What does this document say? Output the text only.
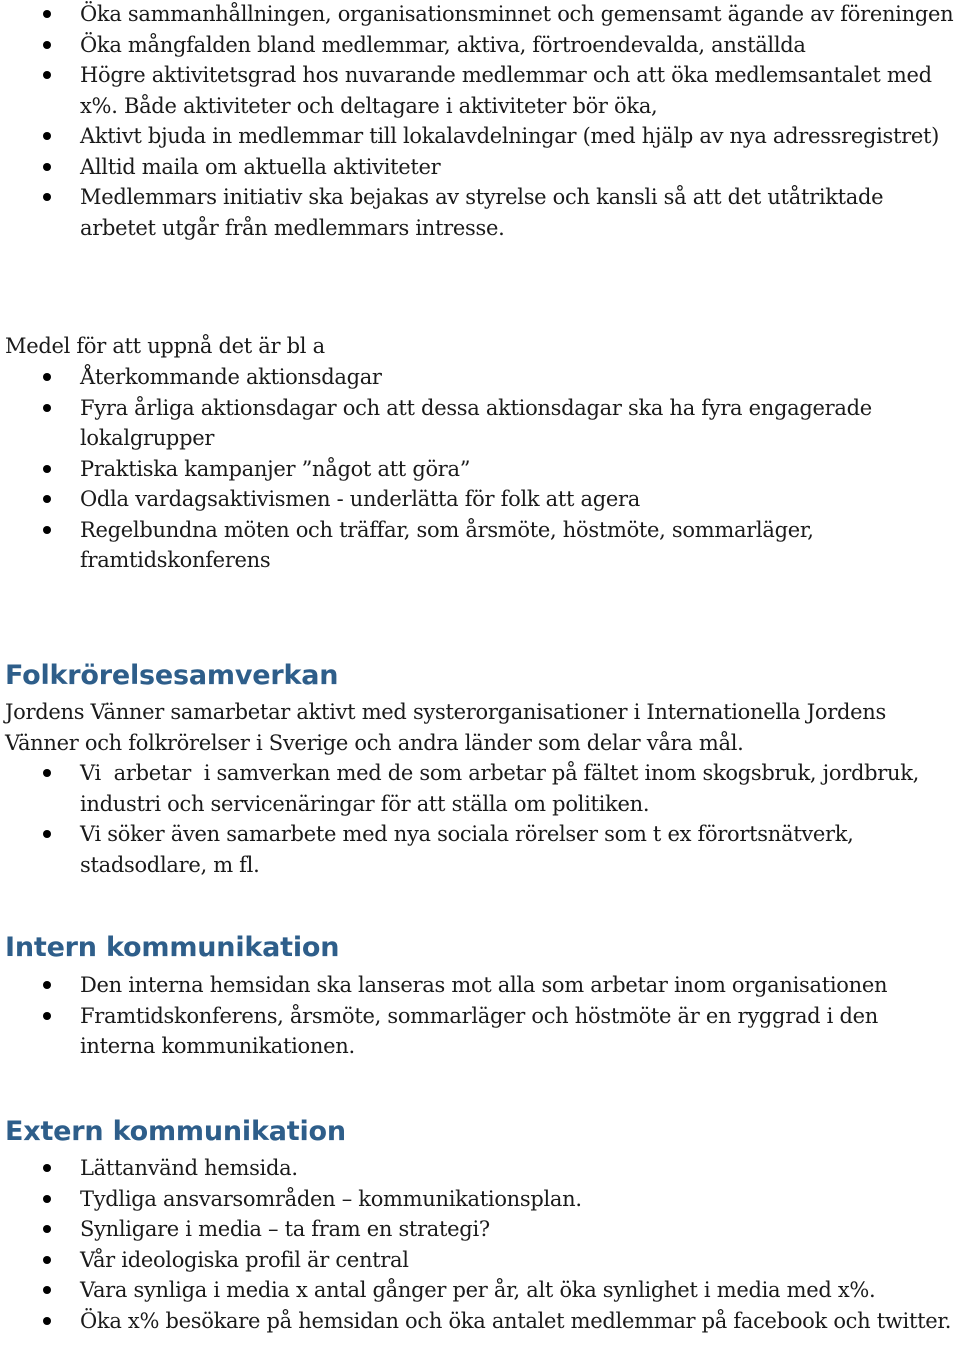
Öka sammanhållningen, organisationsminnet och gemensamt ägande av föreningen
Öka mångfalden bland medlemmar, aktiva, förtroendevalda, anställda
Högre aktivitetsgrad hos nuvarande medlemmar och att öka medlemsantalet med x%. Både aktiviteter och deltagare i aktiviteter bör öka,
Aktivt bjuda in medlemmar till lokalavdelningar (med hjälp av nya adressregistret)
Alltid maila om aktuella aktiviteter
Medlemmars initiativ ska bejakas av styrelse och kansli så att det utåtriktade arbetet utgår från medlemmars intresse.

Medel för att uppnå det är bl a

Återkommande aktionsdagar
Fyra årliga aktionsdagar och att dessa aktionsdagar ska ha fyra engagerade lokalgrupper
Praktiska kampanjer ”något att göra”
Odla vardagsaktivismen - underlätta för folk att agera
Regelbundna möten och träffar, som årsmöte, höstmöte, sommarläger, framtidskonferens
Folkrörelsesamverkan

Jordens Vänner samarbetar aktivt med systerorganisationer i Internationella Jordens Vänner och folkrörelser i Sverige och andra länder som delar våra mål.

Vi  arbetar  i samverkan med de som arbetar på fältet inom skogsbruk, jordbruk, industri och servicenäringar för att ställa om politiken.
Vi söker även samarbete med nya sociala rörelser som t ex förortsnätverk, stadsodlare, m fl.
Intern kommunikation
Den interna hemsidan ska lanseras mot alla som arbetar inom organisationen
Framtidskonferens, årsmöte, sommarläger och höstmöte är en ryggrad i den interna kommunikationen.
Extern kommunikation
Lättanvänd hemsida.
Tydliga ansvarsområden – kommunikationsplan.
Synligare i media – ta fram en strategi?
Vår ideologiska profil är central
Vara synliga i media x antal gånger per år, alt öka synlighet i media med x%.
Öka x% besökare på hemsidan och öka antalet medlemmar på facebook och twitter.
